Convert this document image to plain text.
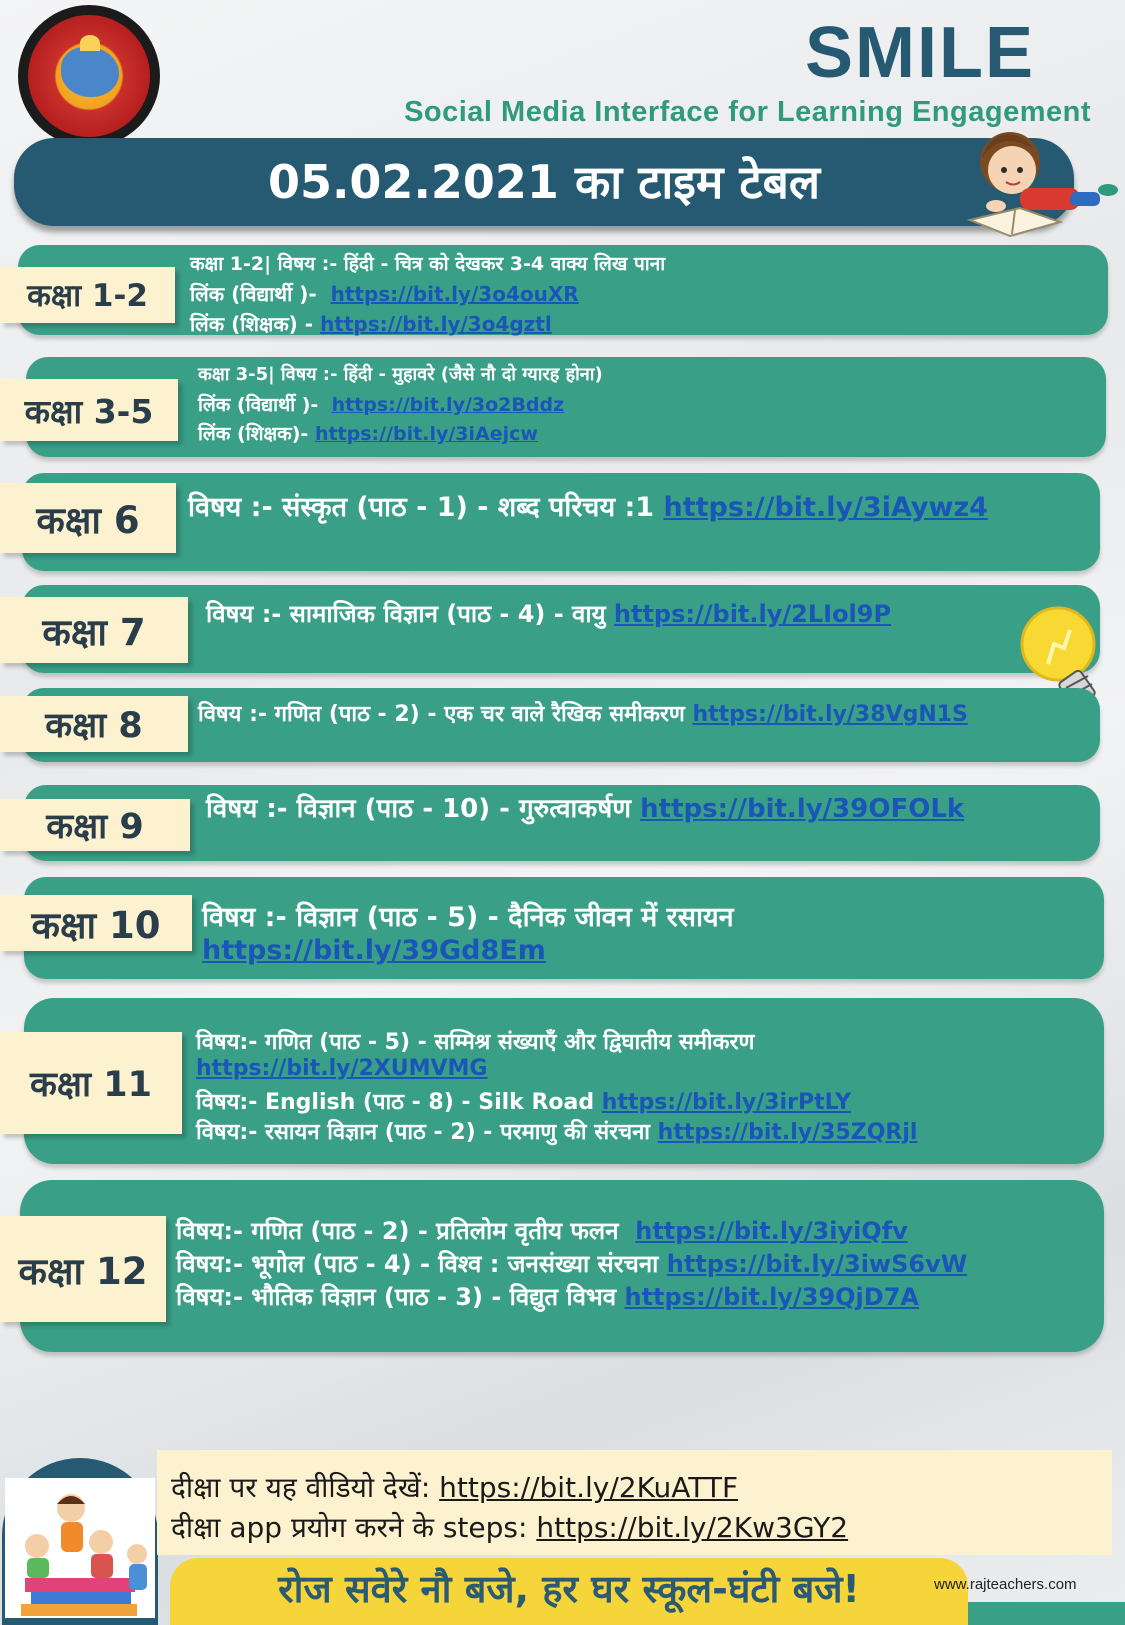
SMILE
Social Media Interface for Learning Engagement
05.02.2021 का टाइम टेबल
कक्षा 1-2
कक्षा 1-2| विषय :- हिंदी - चित्र को देखकर 3-4 वाक्य लिख पाना
लिंक (विद्यार्थी )- https://bit.ly/3o4ouXR
लिंक (शिक्षक) - https://bit.ly/3o4gztl
कक्षा 3-5
कक्षा 3-5| विषय :- हिंदी - मुहावरे (जैसे नौ दो ग्यारह होना)
लिंक (विद्यार्थी )- https://bit.ly/3o2Bddz
लिंक (शिक्षक)- https://bit.ly/3iAejcw
कक्षा 6	विषय :- संस्कृत (पाठ - 1) - शब्द परिचय :1 https://bit.ly/3iAywz4
कक्षा 7	विषय :- सामाजिक विज्ञान (पाठ - 4) - वायु https://bit.ly/2LIol9P
कक्षा 8	विषय :- गणित (पाठ - 2) - एक चर वाले रैखिक समीकरण https://bit.ly/38VgN1S
कक्षा 9	विषय :- विज्ञान (पाठ - 10) - गुरुत्वाकर्षण https://bit.ly/39OFOLk
कक्षा 10	विषय :- विज्ञान (पाठ - 5) - दैनिक जीवन में रसायन
https://bit.ly/39Gd8Em
कक्षा 11
विषय:- गणित (पाठ - 5) - सम्मिश्र संख्याएँ और द्विघातीय समीकरण
https://bit.ly/2XUMVMG
विषय:- English (पाठ - 8) - Silk Road https://bit.ly/3irPtLY
विषय:- रसायन विज्ञान (पाठ - 2) - परमाणु की संरचना https://bit.ly/35ZQRjl
कक्षा 12
विषय:- गणित (पाठ - 2) - प्रतिलोम वृतीय फलन https://bit.ly/3iyiQfv
विषय:- भूगोल (पाठ - 4) - विश्व : जनसंख्या संरचना https://bit.ly/3iwS6vW
विषय:- भौतिक विज्ञान (पाठ - 3) - विद्युत विभव https://bit.ly/39QjD7A
दीक्षा पर यह वीडियो देखें: https://bit.ly/2KuATTF
दीक्षा app प्रयोग करने के steps: https://bit.ly/2Kw3GY2
रोज सवेरे नौ बजे, हर घर स्कूल-घंटी बजे!	www.rajteachers.com
